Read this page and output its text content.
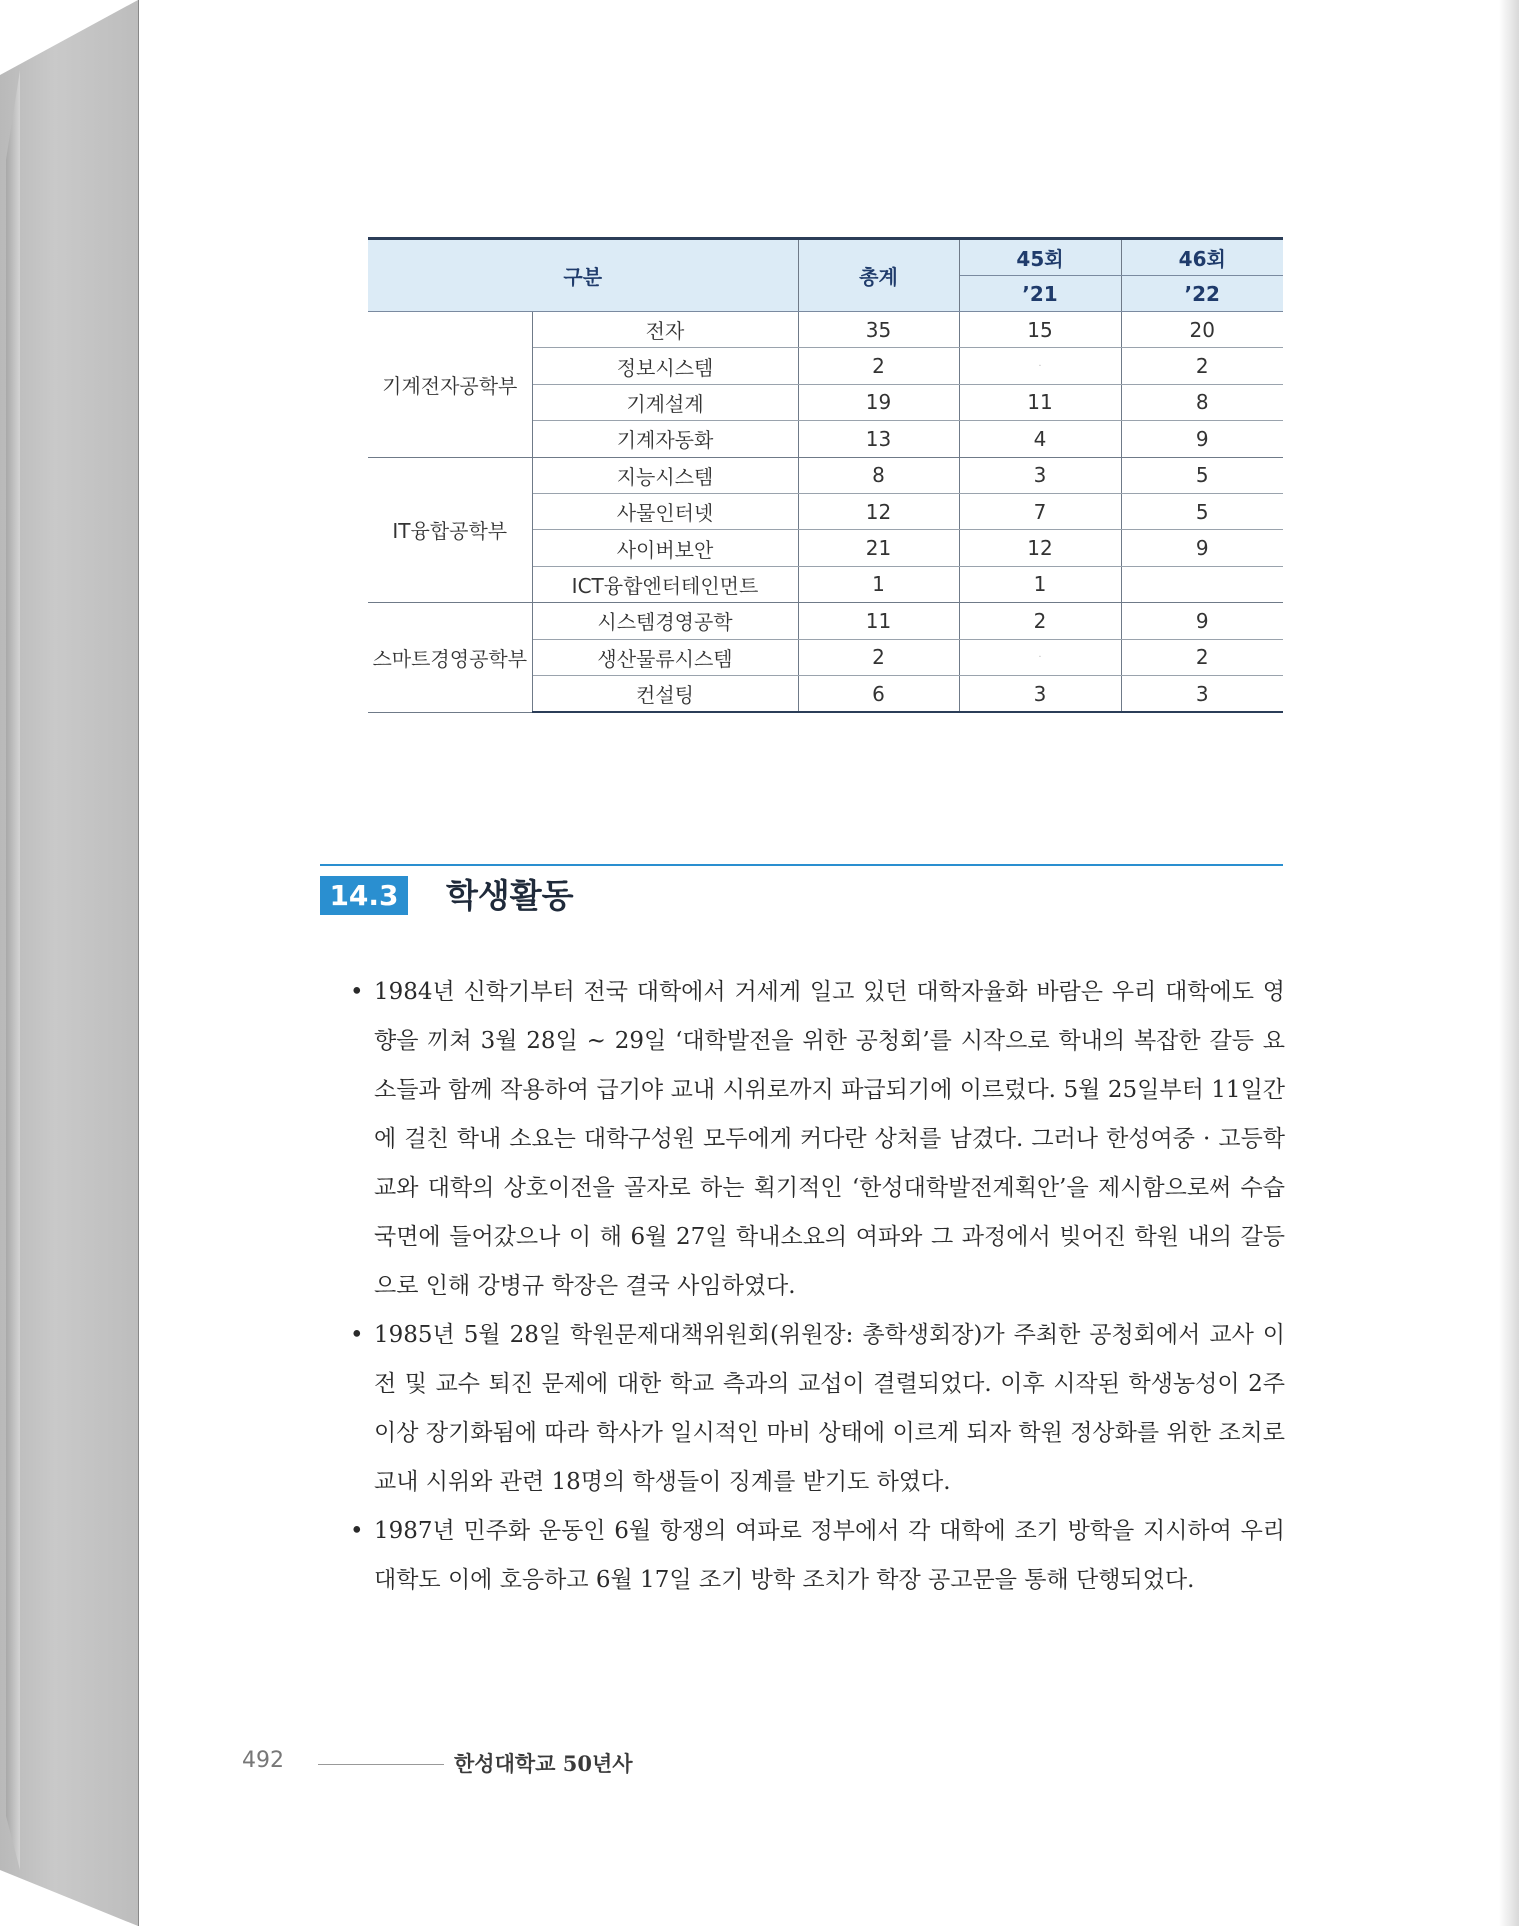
구분		총계	45회	46회
			’21	’22
기계전자공학부	전자	35	15	20
	정보시스템	2	·	2
	기계설계	19	11	8
	기계자동화	13	4	9
IT융합공학부	지능시스템	8	3	5
	사물인터넷	12	7	5
	사이버보안	21	12	9
	ICT융합엔터테인먼트	1	1	
스마트경영공학부	시스템경영공학	11	2	9
	생산물류시스템	2	·	2
	컨설팅	6	3	3
14.3 학생활동

• 1984년 신학기부터 전국 대학에서 거세게 일고 있던 대학자율화 바람은 우리 대학에도 영향을 끼쳐 3월 28일 ~ 29일 ‘대학발전을 위한 공청회’를 시작으로 학내의 복잡한 갈등 요소들과 함께 작용하여 급기야 교내 시위로까지 파급되기에 이르렀다. 5월 25일부터 11일간에 걸친 학내 소요는 대학구성원 모두에게 커다란 상처를 남겼다. 그러나 한성여중 · 고등학교와 대학의 상호이전을 골자로 하는 획기적인 ‘한성대학발전계획안’을 제시함으로써 수습국면에 들어갔으나 이 해 6월 27일 학내소요의 여파와 그 과정에서 빚어진 학원 내의 갈등으로 인해 강병규 학장은 결국 사임하였다.

• 1985년 5월 28일 학원문제대책위원회(위원장: 총학생회장)가 주최한 공청회에서 교사 이전 및 교수 퇴진 문제에 대한 학교 측과의 교섭이 결렬되었다. 이후 시작된 학생농성이 2주 이상 장기화됨에 따라 학사가 일시적인 마비 상태에 이르게 되자 학원 정상화를 위한 조치로 교내 시위와 관련 18명의 학생들이 징계를 받기도 하였다.

• 1987년 민주화 운동인 6월 항쟁의 여파로 정부에서 각 대학에 조기 방학을 지시하여 우리 대학도 이에 호응하고 6월 17일 조기 방학 조치가 학장 공고문을 통해 단행되었다.

492	한성대학교 50년사
